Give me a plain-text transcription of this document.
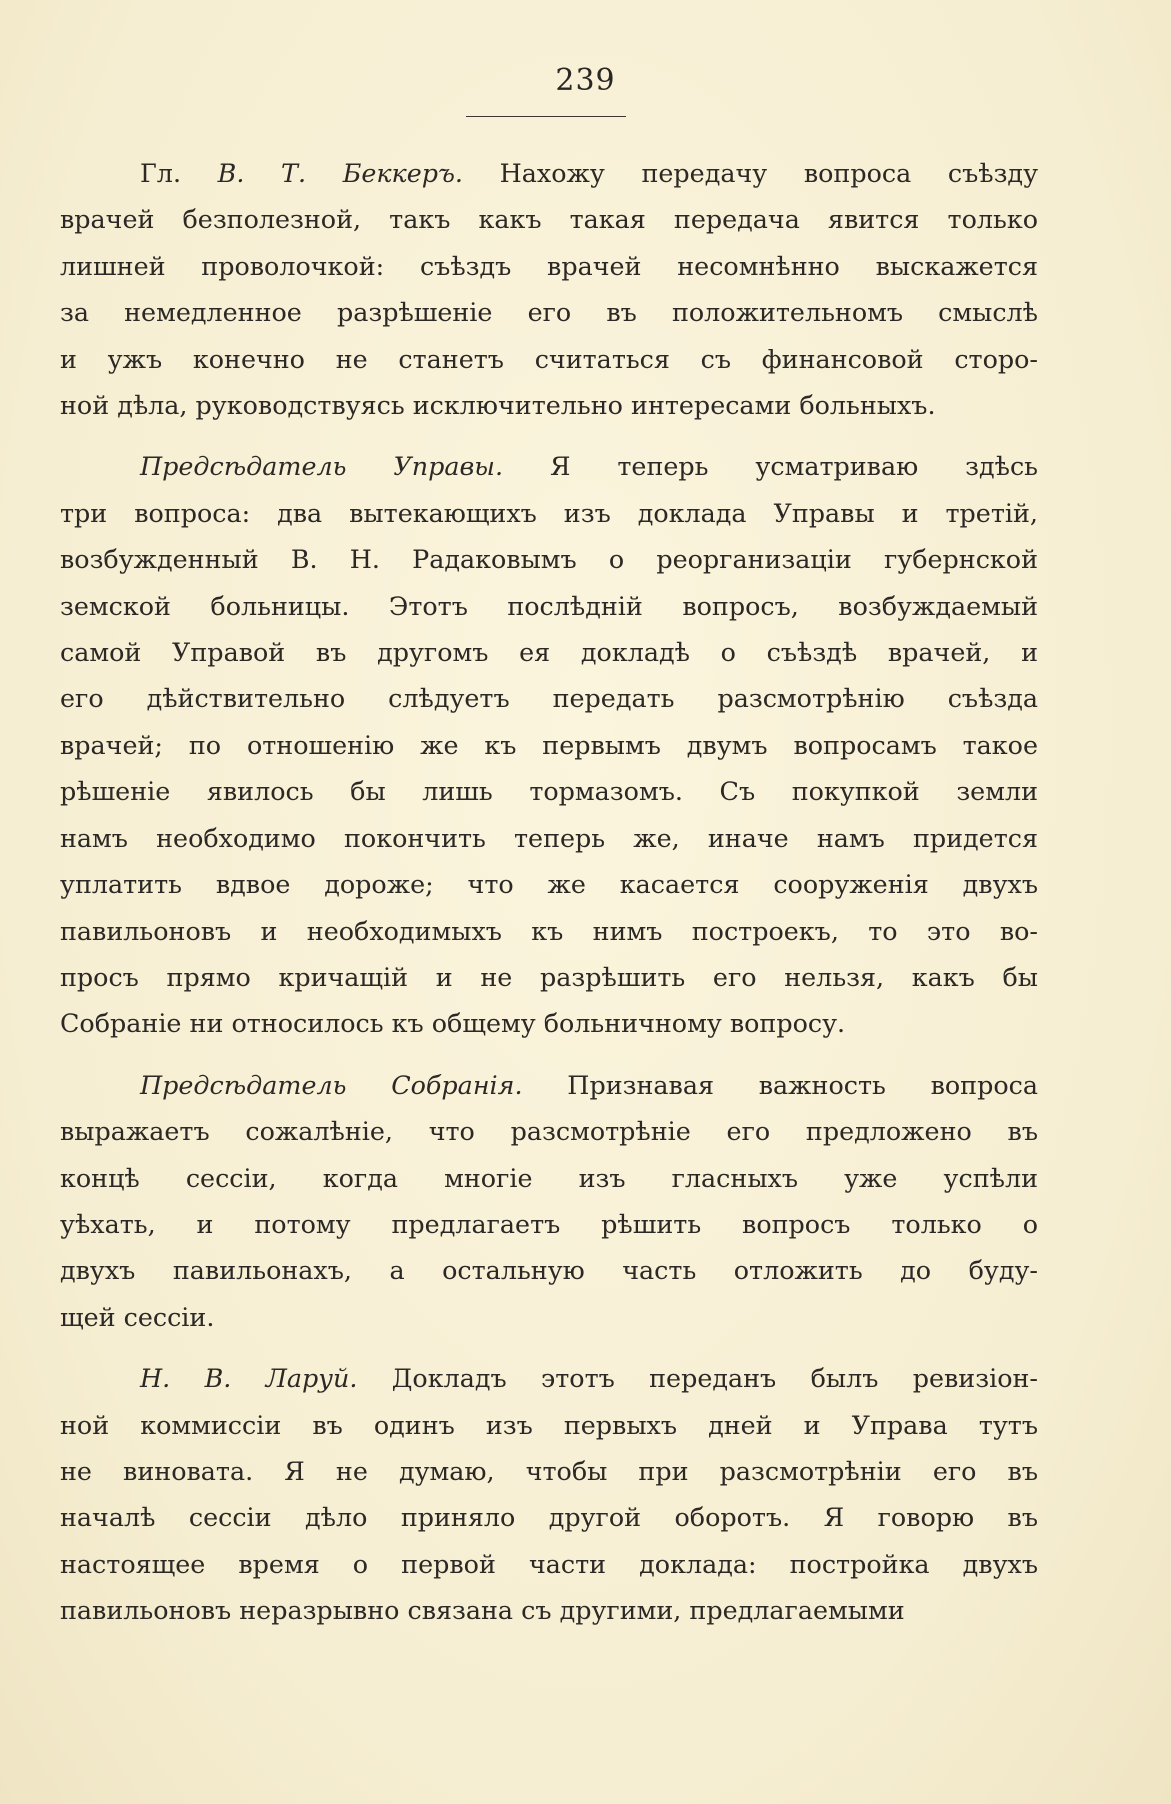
239
Гл. В. Т. Беккеръ. Нахожу передачу вопроса съѣзду
врачей безполезной, такъ какъ такая передача явится только
лишней проволочкой: съѣздъ врачей несомнѣнно выскажется
за немедленное разрѣшеніе его въ положительномъ смыслѣ
и ужъ конечно не станетъ считаться съ финансовой сторо-
ной дѣла, руководствуясь исключительно интересами больныхъ.
Предсѣдатель Управы. Я теперь усматриваю здѣсь
три вопроса: два вытекающихъ изъ доклада Управы и третій,
возбужденный В. Н. Радаковымъ о реорганизаціи губернской
земской больницы. Этотъ послѣдній вопросъ, возбуждаемый
самой Управой въ другомъ ея докладѣ о съѣздѣ врачей, и
его дѣйствительно слѣдуетъ передать разсмотрѣнію съѣзда
врачей; по отношенію же къ первымъ двумъ вопросамъ такое
рѣшеніе явилось бы лишь тормазомъ. Съ покупкой земли
намъ необходимо покончить теперь же, иначе намъ придется
уплатить вдвое дороже; что же касается сооруженія двухъ
павильоновъ и необходимыхъ къ нимъ построекъ, то это во-
просъ прямо кричащій и не разрѣшить его нельзя, какъ бы
Собраніе ни относилось къ общему больничному вопросу.
Предсѣдатель Собранія. Признавая важность вопроса
выражаетъ сожалѣніе, что разсмотрѣніе его предложено въ
концѣ сессіи, когда многіе изъ гласныхъ уже успѣли
уѣхать, и потому предлагаетъ рѣшить вопросъ только о
двухъ павильонахъ, а остальную часть отложить до буду-
щей сессіи.
Н. В. Ларуй. Докладъ этотъ переданъ былъ ревизіон-
ной коммиссіи въ одинъ изъ первыхъ дней и Управа тутъ
не виновата. Я не думаю, чтобы при разсмотрѣніи его въ
началѣ сессіи дѣло приняло другой оборотъ. Я говорю въ
настоящее время о первой части доклада: постройка двухъ
павильоновъ неразрывно связана съ другими, предлагаемыми
